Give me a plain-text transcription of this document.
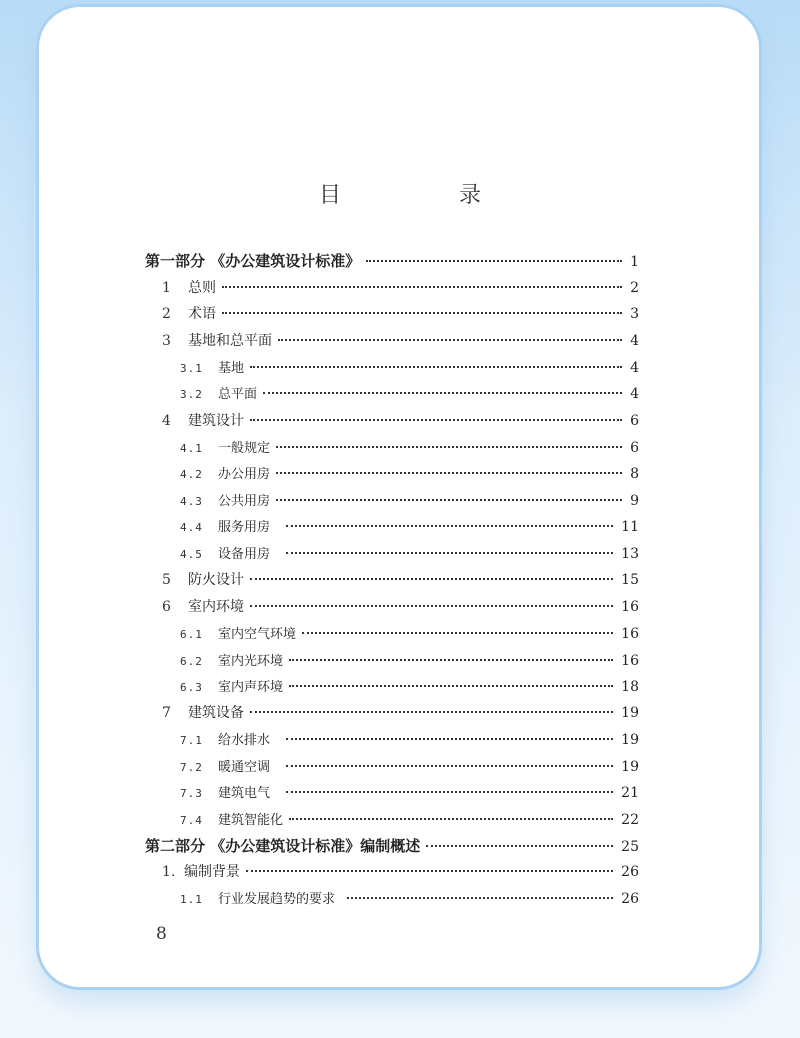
目　录
第一部分 《办公建筑设计标准》	1
1	总则	2
2	术语	3
3	基地和总平面	4
3.1	基地	4
3.2	总平面	4
4	建筑设计	6
4.1	一般规定	6
4.2	办公用房	8
4.3	公共用房	9
4.4	服务用房	11
4.5	设备用房	13
5	防火设计	15
6	室内环境	16
6.1	室内空气环境	16
6.2	室内光环境	16
6.3	室内声环境	18
7	建筑设备	19
7.1	给水排水	19
7.2	暖通空调	19
7.3	建筑电气	21
7.4	建筑智能化	22
第二部分 《办公建筑设计标准》编制概述	25
1. 编制背景	26
1.1	行业发展趋势的要求	26
8
